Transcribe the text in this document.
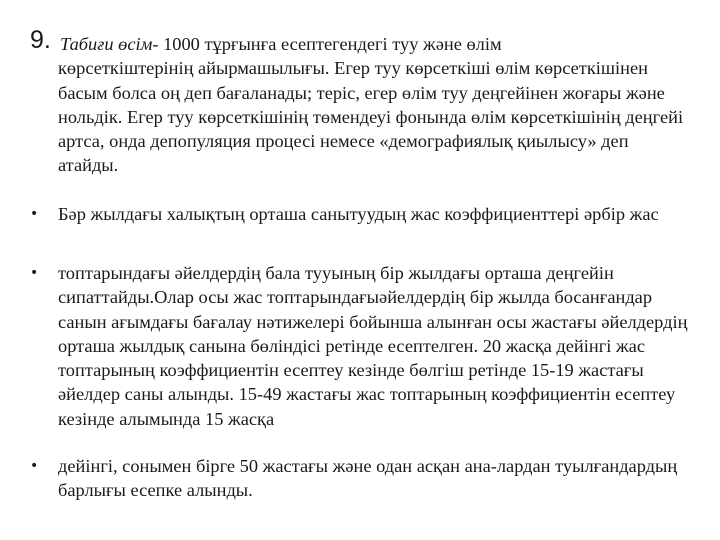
9. Табиғи өсім- 1000 тұрғынға есептегендегі туу және өлім
көрсеткіштерінің айырмашылығы. Егер туу көрсеткіші өлім көрсеткішінен басым болса оң деп бағаланады; теріс, егер өлім туу деңгейінен жоғары және нольдік. Егер туу көрсеткішінің төмендеуі фонында өлім көрсеткішінің деңгейі артса, онда депопуляция процесі немесе «демографиялық қиылысу» деп атайды.
•	Бәр жылдағы халықтың орташа санытуудың жас коэффициенттері әрбір жас
•	топтарындағы әйелдердің бала тууының бір жылдағы орташа деңгейін сипаттайды.Олар осы жас топтарындағыәйелдердің бір жылда босанғандар санын ағымдағы бағалау нәтижелері бойынша алынған осы жастағы әйелдердің орташа жылдық санына бөліндісі ретінде есептелген. 20 жасқа дейінгі жас топтарының коэффициентін есептеу кезінде бөлгіш ретінде 15-19 жастағы әйелдер саны алынды. 15-49 жастағы жас топтарының коэффициентін есептеу кезінде алымында 15 жасқа
•	дейінгі, сонымен бірге 50 жастағы және одан асқан ана-лардан туылғандардың барлығы есепке алынды.
